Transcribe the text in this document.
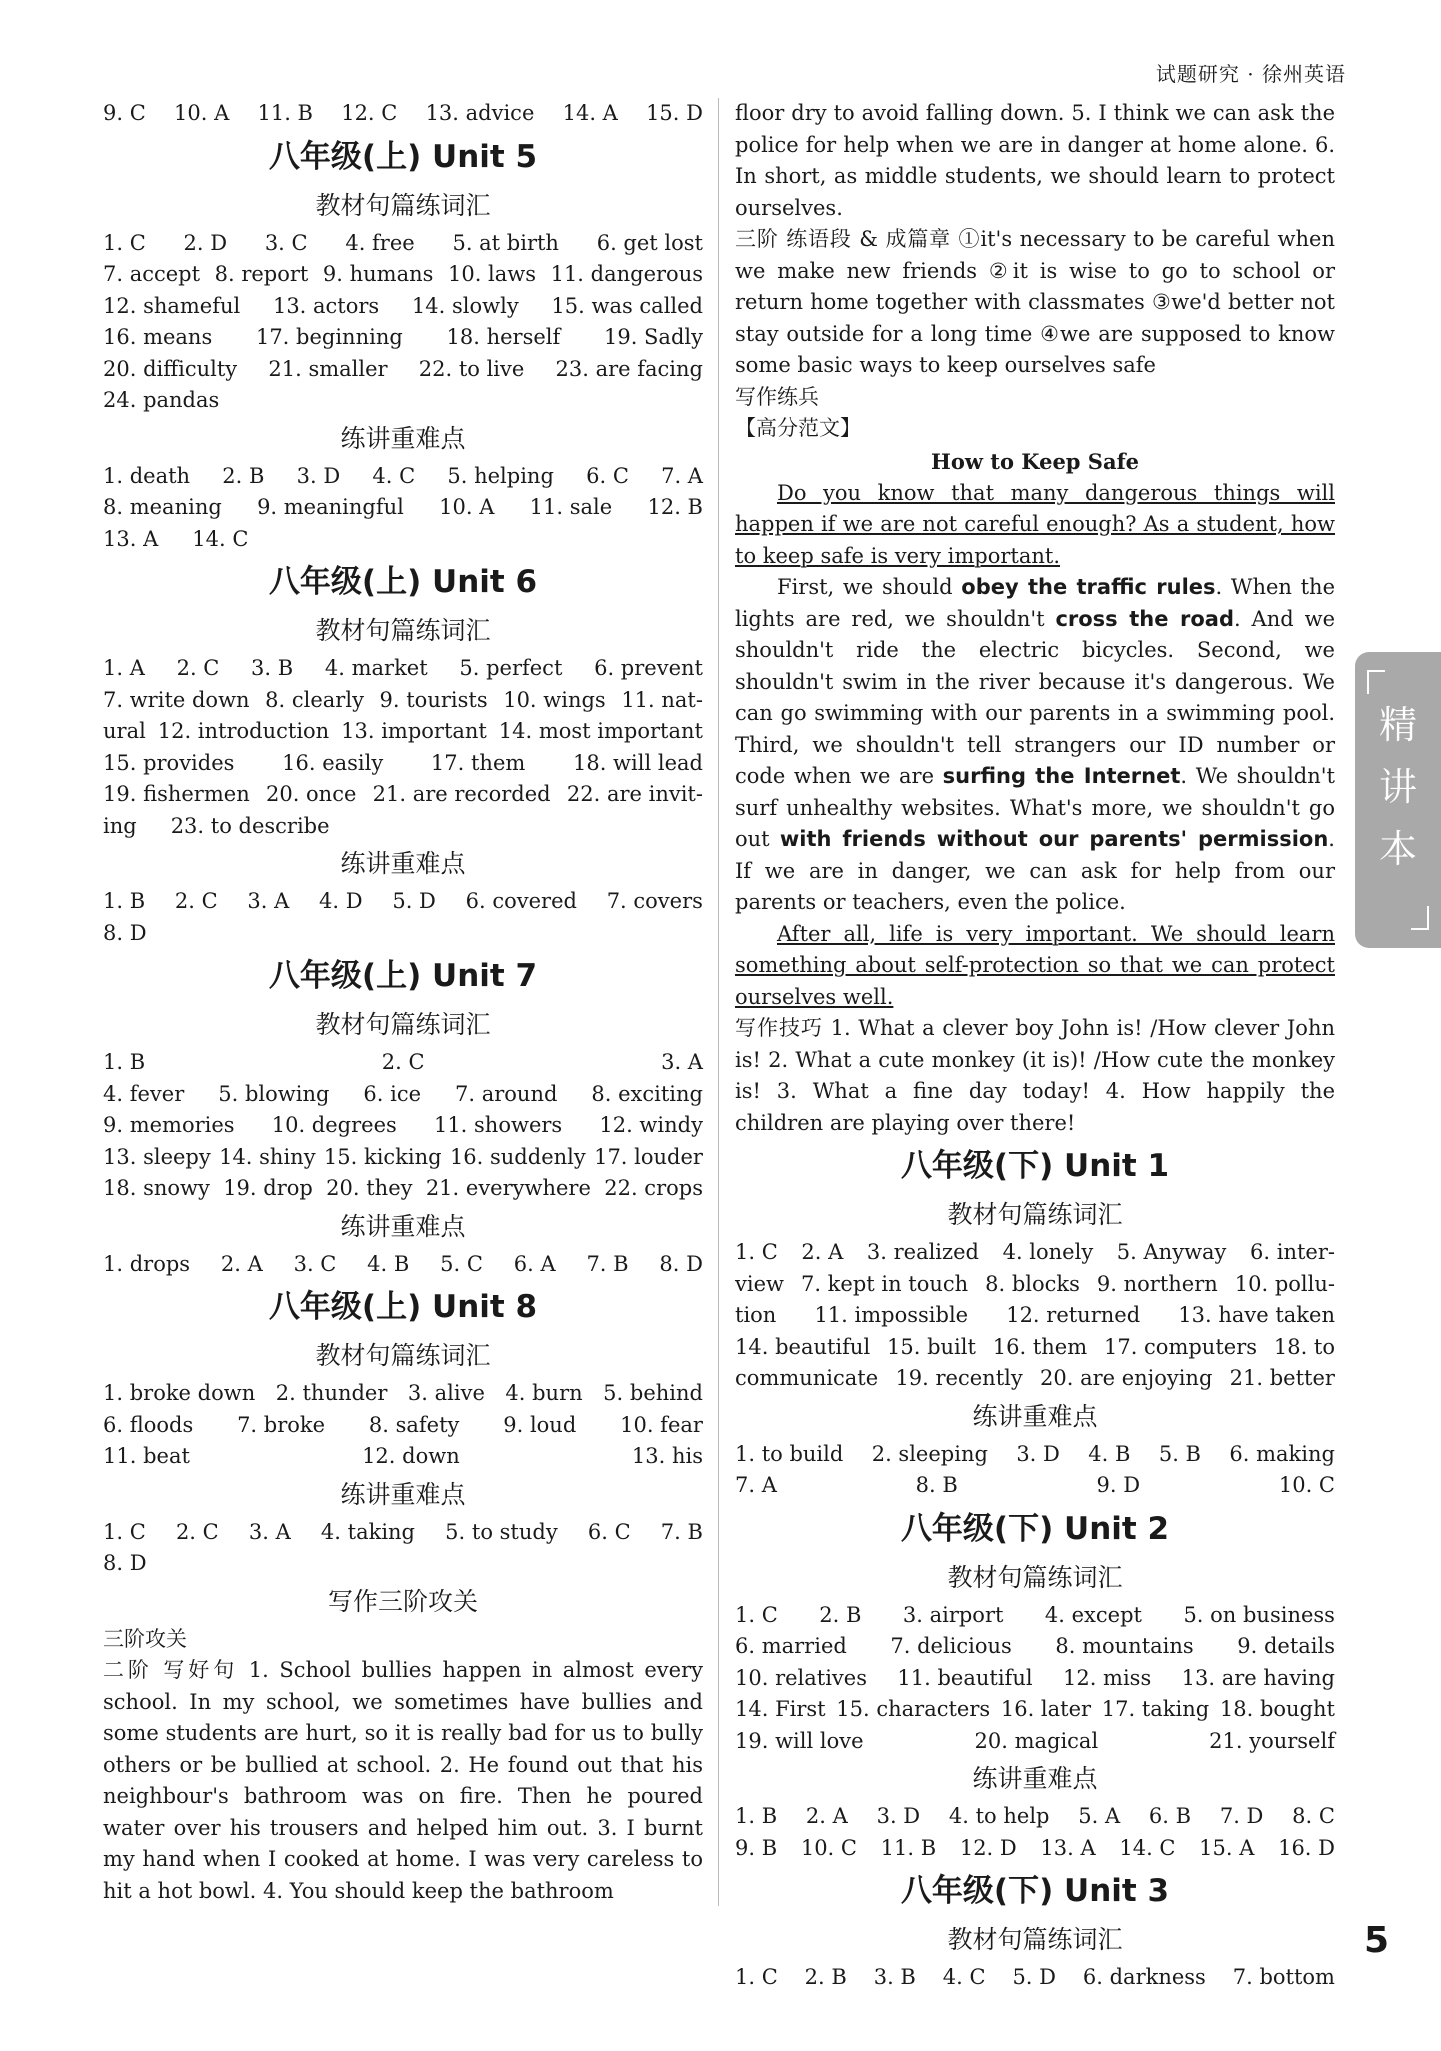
试题研究 · 徐州英语
9. C 10. A 11. B 12. C 13. advice 14. A 15. D
八年级(上) Unit 5
教材句篇练词汇
1. C 2. D 3. C 4. free 5. at birth 6. get lost
7. accept 8. report 9. humans 10. laws 11. dangerous
12. shameful 13. actors 14. slowly 15. was called
16. means 17. beginning 18. herself 19. Sadly
20. difficulty 21. smaller 22. to live 23. are facing
24. pandas
练讲重难点
1. death 2. B 3. D 4. C 5. helping 6. C 7. A
8. meaning 9. meaningful 10. A 11. sale 12. B
13. A 14. C
八年级(上) Unit 6
教材句篇练词汇
1. A 2. C 3. B 4. market 5. perfect 6. prevent
7. write down 8. clearly 9. tourists 10. wings 11. nat-
ural 12. introduction 13. important 14. most important
15. provides 16. easily 17. them 18. will lead
19. fishermen 20. once 21. are recorded 22. are invit-
ing 23. to describe
练讲重难点
1. B 2. C 3. A 4. D 5. D 6. covered 7. covers
8. D
八年级(上) Unit 7
教材句篇练词汇
1. B	2. C	3. A
4. fever 5. blowing 6. ice 7. around 8. exciting
9. memories 10. degrees 11. showers 12. windy
13. sleepy 14. shiny 15. kicking 16. suddenly 17. louder
18. snowy 19. drop 20. they 21. everywhere 22. crops
练讲重难点
1. drops 2. A 3. C 4. B 5. C 6. A 7. B 8. D
八年级(上) Unit 8
教材句篇练词汇
1. broke down 2. thunder 3. alive 4. burn 5. behind
6. floods 7. broke 8. safety 9. loud 10. fear
11. beat	12. down	13. his
练讲重难点
1. C 2. C 3. A 4. taking 5. to study 6. C 7. B
8. D
写作三阶攻关
三阶攻关
二阶 写好句 1. School bullies happen in almost every school. In my school, we sometimes have bullies and some students are hurt, so it is really bad for us to bully others or be bullied at school. 2. He found out that his neighbour's bathroom was on fire. Then he poured water over his trousers and helped him out. 3. I burnt my hand when I cooked at home. I was very careless to hit a hot bowl. 4. You should keep the bathroom
floor dry to avoid falling down. 5. I think we can ask the police for help when we are in danger at home alone. 6. In short, as middle students, we should learn to protect ourselves.
三阶 练语段 & 成篇章 ①it's necessary to be careful when we make new friends ②it is wise to go to school or return home together with classmates ③we'd better not stay outside for a long time ④we are supposed to know some basic ways to keep ourselves safe
写作练兵
【高分范文】
How to Keep Safe
Do you know that many dangerous things will happen if we are not careful enough? As a student, how to keep safe is very important.
First, we should obey the traffic rules. When the lights are red, we shouldn't cross the road. And we shouldn't ride the electric bicycles. Second, we shouldn't swim in the river because it's dangerous. We can go swimming with our parents in a swimming pool. Third, we shouldn't tell strangers our ID number or code when we are surfing the Internet. We shouldn't surf unhealthy websites. What's more, we shouldn't go out with friends without our parents' permission. If we are in danger, we can ask for help from our parents or teachers, even the police.
After all, life is very important. We should learn something about self-protection so that we can protect ourselves well.
写作技巧 1. What a clever boy John is! /How clever John is! 2. What a cute monkey (it is)! /How cute the monkey is! 3. What a fine day today! 4. How happily the children are playing over there!
八年级(下) Unit 1
教材句篇练词汇
1. C 2. A 3. realized 4. lonely 5. Anyway 6. inter-
view 7. kept in touch 8. blocks 9. northern 10. pollu-
tion 11. impossible 12. returned 13. have taken
14. beautiful 15. built 16. them 17. computers 18. to
communicate 19. recently 20. are enjoying 21. better
练讲重难点
1. to build 2. sleeping 3. D 4. B 5. B 6. making
7. A	8. B	9. D	10. C
八年级(下) Unit 2
教材句篇练词汇
1. C 2. B 3. airport 4. except 5. on business
6. married 7. delicious 8. mountains 9. details
10. relatives 11. beautiful 12. miss 13. are having
14. First 15. characters 16. later 17. taking 18. bought
19. will love	20. magical	21. yourself
练讲重难点
1. B 2. A 3. D 4. to help 5. A 6. B 7. D 8. C
9. B 10. C 11. B 12. D 13. A 14. C 15. A 16. D
八年级(下) Unit 3
教材句篇练词汇
1. C 2. B 3. B 4. C 5. D 6. darkness 7. bottom
精
讲
本
5
